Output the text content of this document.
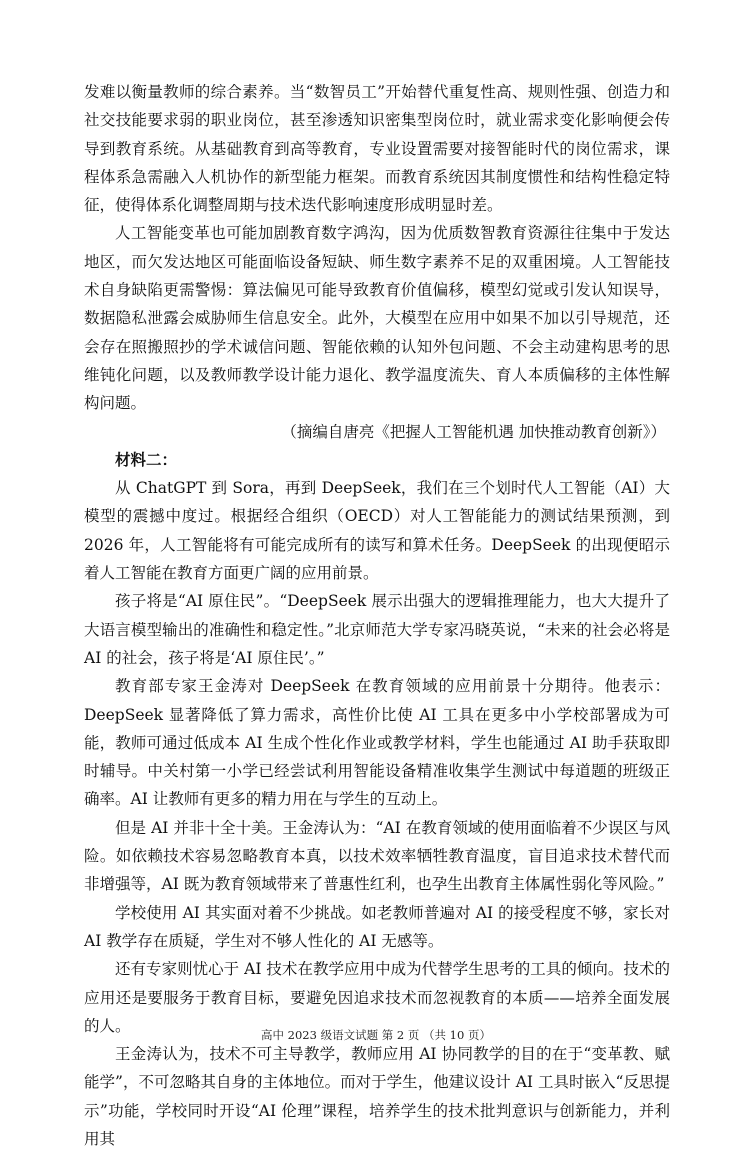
发难以衡量教师的综合素养。当“数智员工”开始替代重复性高、规则性强、创造力和社交技能要求弱的职业岗位，甚至渗透知识密集型岗位时，就业需求变化影响便会传导到教育系统。从基础教育到高等教育，专业设置需要对接智能时代的岗位需求，课程体系急需融入人机协作的新型能力框架。而教育系统因其制度惯性和结构性稳定特征，使得体系化调整周期与技术迭代影响速度形成明显时差。

人工智能变革也可能加剧教育数字鸿沟，因为优质数智教育资源往往集中于发达地区，而欠发达地区可能面临设备短缺、师生数字素养不足的双重困境。人工智能技术自身缺陷更需警惕：算法偏见可能导致教育价值偏移，模型幻觉或引发认知误导，数据隐私泄露会威胁师生信息安全。此外，大模型在应用中如果不加以引导规范，还会存在照搬照抄的学术诚信问题、智能依赖的认知外包问题、不会主动建构思考的思维钝化问题，以及教师教学设计能力退化、教学温度流失、育人本质偏移的主体性解构问题。

（摘编自唐亮《把握人工智能机遇 加快推动教育创新》）

材料二：

从 ChatGPT 到 Sora，再到 DeepSeek，我们在三个划时代人工智能（AI）大模型的震撼中度过。根据经合组织（OECD）对人工智能能力的测试结果预测，到 2026 年，人工智能将有可能完成所有的读写和算术任务。DeepSeek 的出现便昭示着人工智能在教育方面更广阔的应用前景。

孩子将是“AI 原住民”。“DeepSeek 展示出强大的逻辑推理能力，也大大提升了大语言模型输出的准确性和稳定性。”北京师范大学专家冯晓英说，“未来的社会必将是 AI 的社会，孩子将是‘AI 原住民’。”

教育部专家王金涛对 DeepSeek 在教育领域的应用前景十分期待。他表示：DeepSeek 显著降低了算力需求，高性价比使 AI 工具在更多中小学校部署成为可能，教师可通过低成本 AI 生成个性化作业或教学材料，学生也能通过 AI 助手获取即时辅导。中关村第一小学已经尝试利用智能设备精准收集学生测试中每道题的班级正确率。AI 让教师有更多的精力用在与学生的互动上。

但是 AI 并非十全十美。王金涛认为：“AI 在教育领域的使用面临着不少误区与风险。如依赖技术容易忽略教育本真，以技术效率牺牲教育温度，盲目追求技术替代而非增强等，AI 既为教育领域带来了普惠性红利，也孕生出教育主体属性弱化等风险。”

学校使用 AI 其实面对着不少挑战。如老教师普遍对 AI 的接受程度不够，家长对 AI 教学存在质疑，学生对不够人性化的 AI 无感等。

还有专家则忧心于 AI 技术在教学应用中成为代替学生思考的工具的倾向。技术的应用还是要服务于教育目标，要避免因追求技术而忽视教育的本质——培养全面发展的人。

王金涛认为，技术不可主导教学，教师应用 AI 协同教学的目的在于“变革教、赋能学”，不可忽略其自身的主体地位。而对于学生，他建议设计 AI 工具时嵌入“反思提示”功能，学校同时开设“AI 伦理”课程，培养学生的技术批判意识与创新能力，并利用其

高中 2023 级语文试题 第 2 页 （共 10 页）
